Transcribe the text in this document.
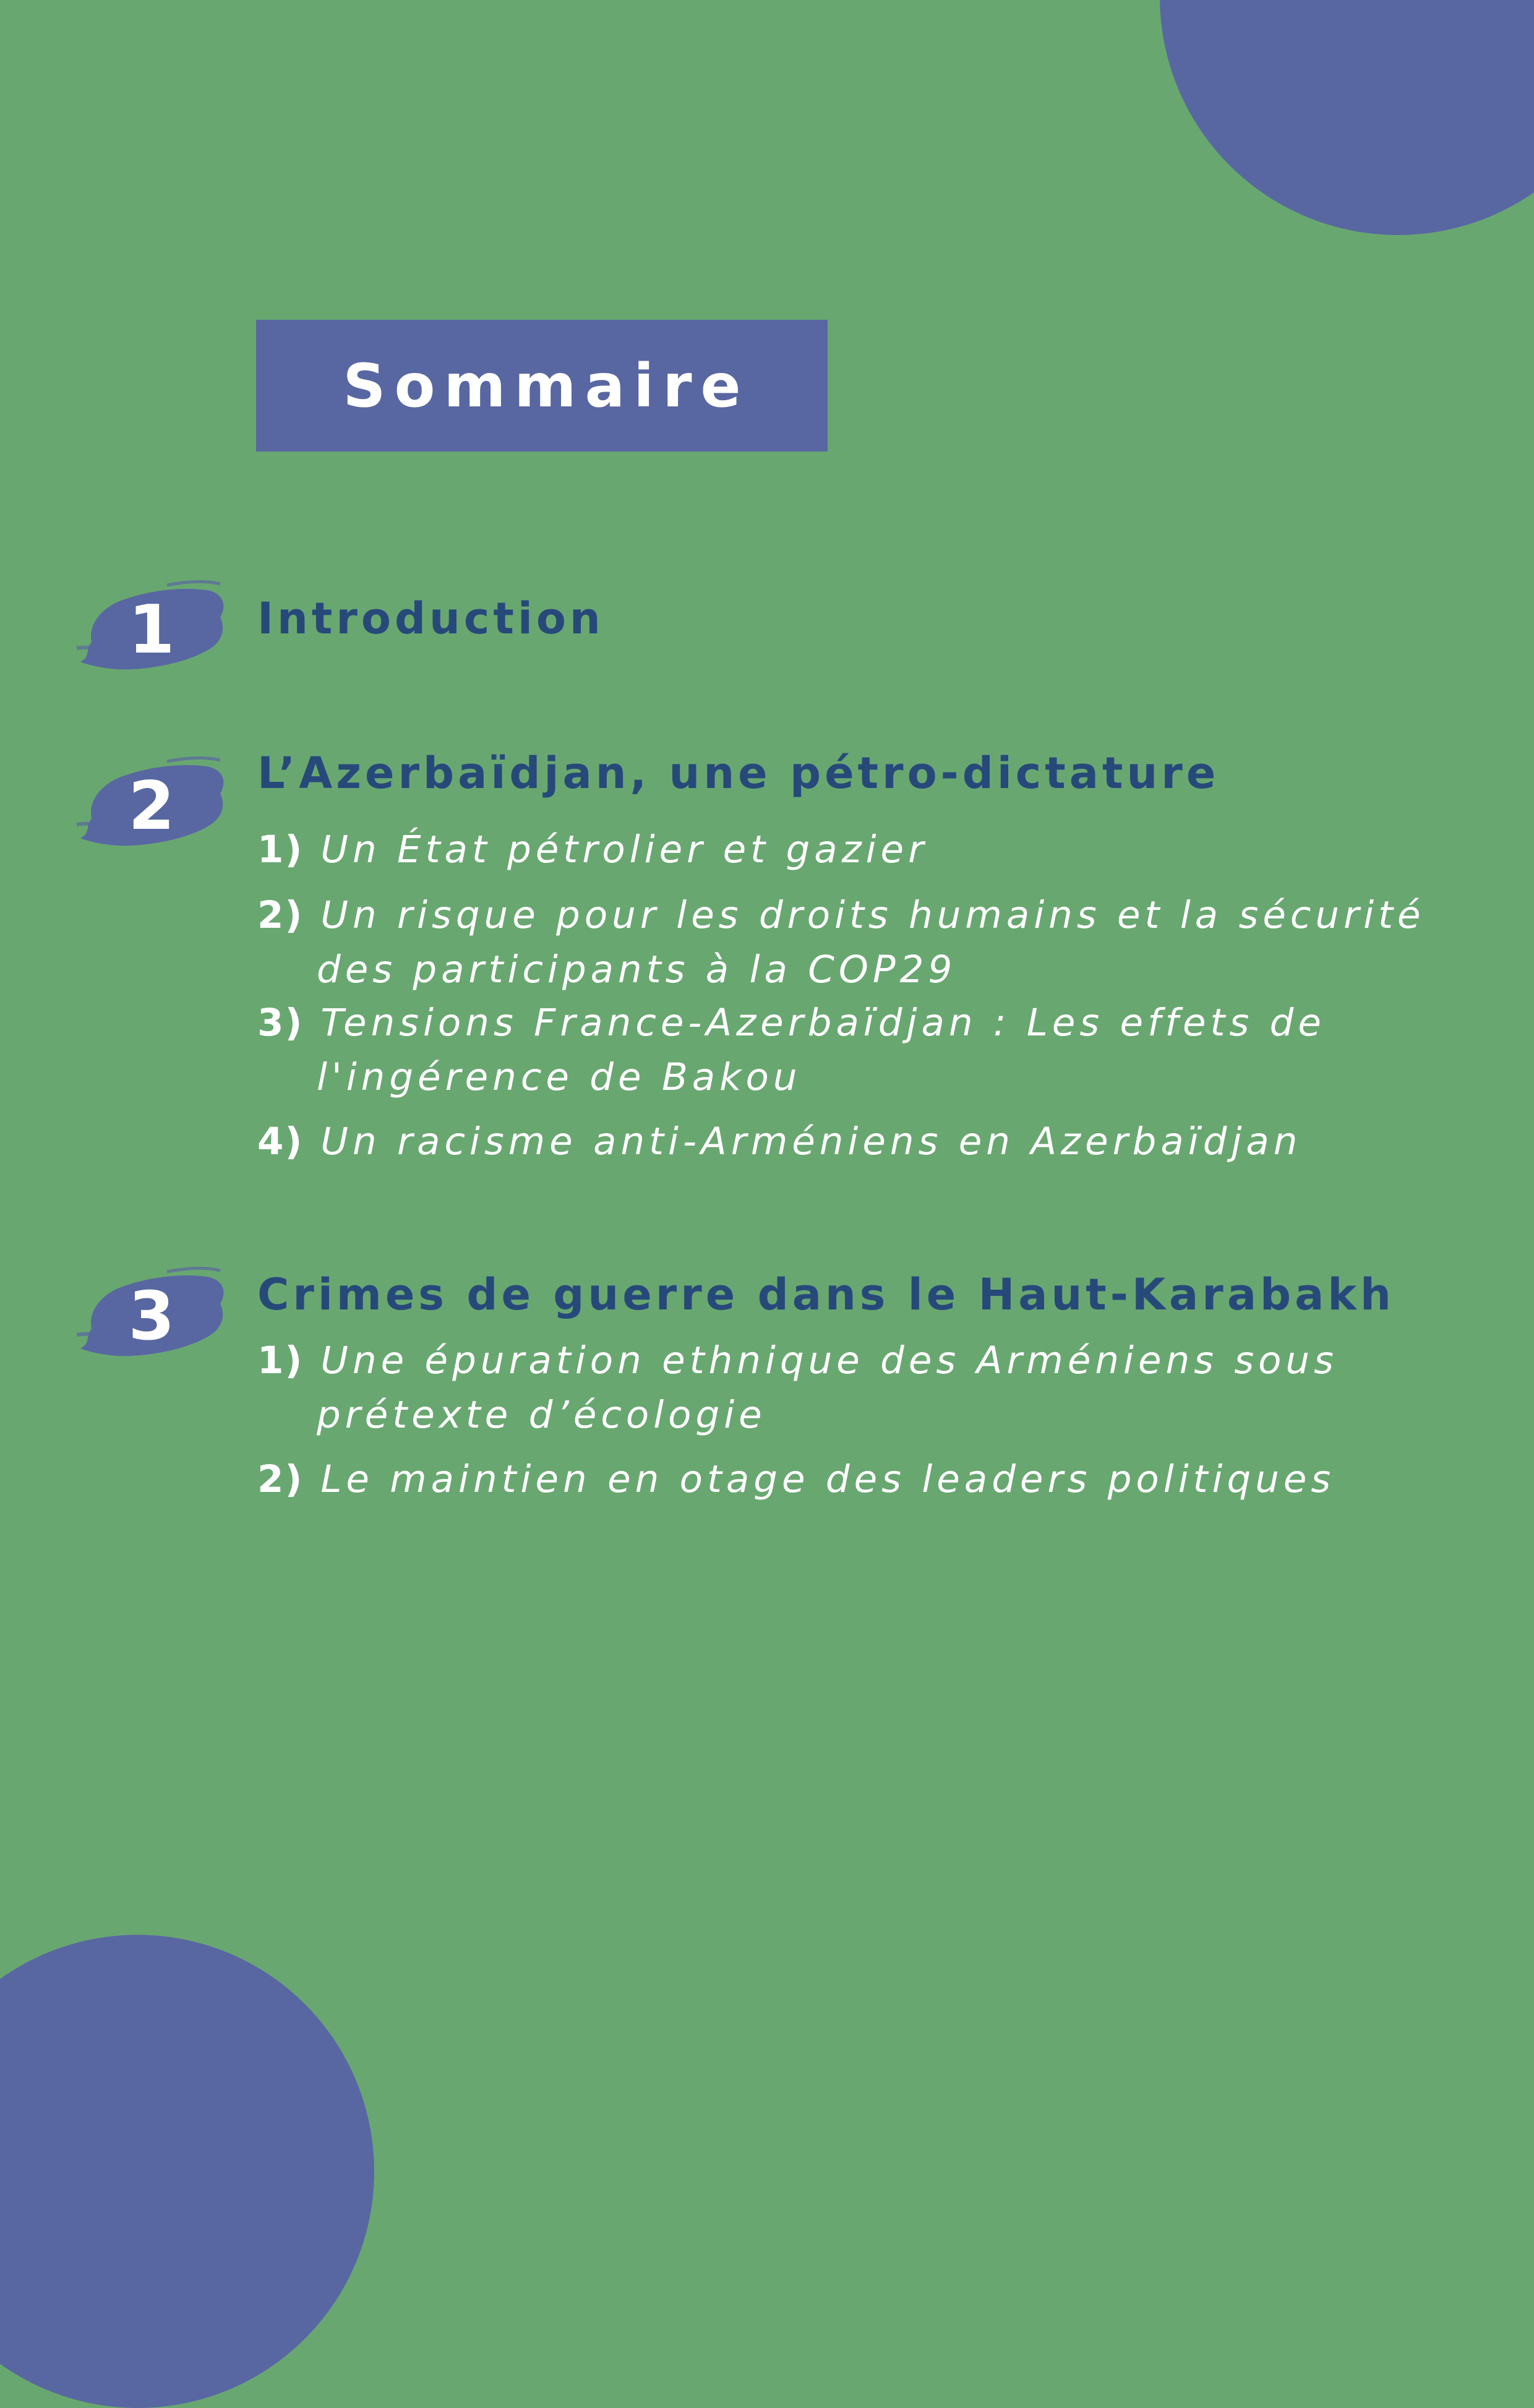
Sommaire
1	Introduction
2	L’Azerbaïdjan, une pétro-dictature
1) Un État pétrolier et gazier
2) Un risque pour les droits humains et la sécurité
des participants à la COP29
3) Tensions France-Azerbaïdjan : Les effets de
l'ingérence de Bakou
4) Un racisme anti-Arméniens en Azerbaïdjan
3	Crimes de guerre dans le Haut-Karabakh
1) Une épuration ethnique des Arméniens sous
prétexte d’écologie
2) Le maintien en otage des leaders politiques
